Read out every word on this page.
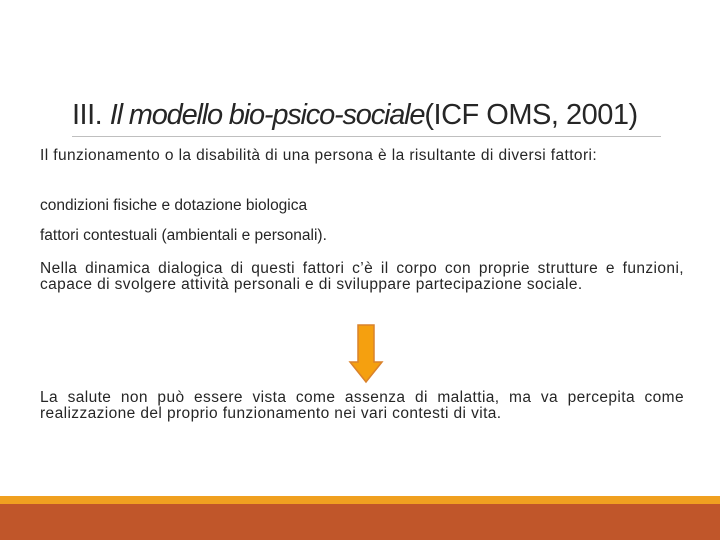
III. Il modello bio-psico-sociale(ICF OMS, 2001)
Il funzionamento o la disabilità di una persona è la risultante di diversi fattori:
condizioni fisiche e dotazione biologica
fattori contestuali (ambientali e personali).
Nella dinamica dialogica di questi fattori c’è il corpo con proprie strutture e funzioni, capace di svolgere attività personali e di sviluppare partecipazione sociale.
La salute non può essere vista come assenza di malattia, ma va percepita come realizzazione del proprio funzionamento nei vari contesti di vita.
